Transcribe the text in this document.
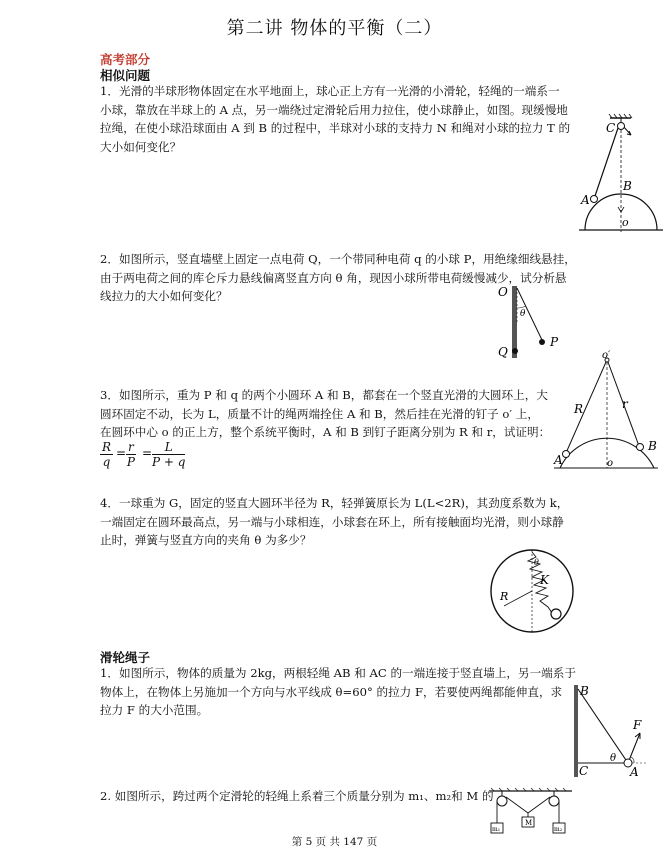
第二讲 物体的平衡（二）
高考部分
相似问题
1．光滑的半球形物体固定在水平地面上，球心正上方有一光滑的小滑轮，轻绳的一端系一
小球，靠放在半球上的 A 点，另一端绕过定滑轮后用力拉住，使小球静止，如图。现缓慢地
拉绳，在使小球沿球面由 A 到 B 的过程中，半球对小球的支持力 N 和绳对小球的拉力 T 的
大小如何变化？
C
B
A
o
2．如图所示，竖直墙壁上固定一点电荷 Q，一个带同种电荷 q 的小球 P，用绝缘细线悬挂，
由于两电荷之间的库仑斥力悬线偏离竖直方向 θ 角，现因小球所带电荷缓慢减少，试分析悬
线拉力的大小如何变化？	O
θ
Q
P
3．如图所示，重为 P 和 q 的两个小圆环 A 和 B，都套在一个竖直光滑的大圆环上，大
圆环固定不动，长为 L，质量不计的绳两端拴住 A 和 B，然后挂在光滑的钉子 o′ 上，
在圆环中心 o 的正上方，整个系统平衡时，A 和 B 到钉子距离分别为 R 和 r，试证明：
$\frac{R}{q} = \frac{r}{P} = \frac{L}{P + q}$
o′
R	r
A
B
o
4．一球重为 G，固定的竖直大圆环半径为 R，轻弹簧原长为 L(L<2R)，其劲度系数为 k，
一端固定在圆环最高点，另一端与小球相连，小球套在环上，所有接触面均光滑，则小球静
止时，弹簧与竖直方向的夹角 θ 为多少？
R
K
θ
滑轮绳子
1．如图所示，物体的质量为 2kg，两根轻绳 AB 和 AC 的一端连接于竖直墙上，另一端系于
物体上，在物体上另施加一个方向与水平线成 θ=60° 的拉力 F，若要使两绳都能伸直，求
拉力 F 的大小范围。
B
F
θ
C	A
2. 如图所示，跨过两个定滑轮的轻绳上系着三个质量分别为 m₁、m₂和 M 的
m₁
M
m₂
第 5 页 共 147 页
